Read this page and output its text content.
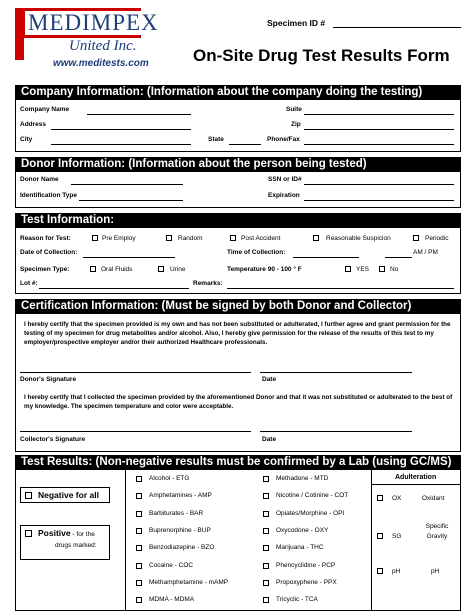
MEDIMPEX
United Inc.
www.meditests.com
Specimen ID #
On-Site Drug Test Results Form
Company Information: (Information about the company doing the testing)
Company Name	Suite
Address	Zip
City	State	Phone/Fax
Donor Information: (Information about the person being tested)
Donor Name	SSN or ID#
Identification Type	Expiration
Test Information:
Reason for Test:	Pre Employ	Random	Post Accident	Reasonable Suspicion	Periodic
Date of Collection:	Time of Collection:	AM / PM
Specimen Type:	Oral Fluids	Urine	Temperature 90 - 100 ° F	YES	No
Lot #:	Remarks:
Certification Information: (Must be signed by both Donor and Collector)
I hereby certify that the specimen provided is my own and has not been substituted or adulterated, I further agree and grant permission for the testing of my specimen for drug metabolites and/or alcohol. Also, I hereby give permission for the release of the results of this test to my employer/prospective employer and/or their authorized Healthcare professionals.
Donor's Signature	Date
I hereby certify that I collected the specimen provided by the aforementioned Donor and that it was not substituted or adulterated to the best of my knowledge. The specimen temperature and color were acceptable.
Collector's Signature	Date
Test Results: (Non-negative results must be confirmed by a Lab (using GC/MS)
Negative for all
Positive - for the
drugs marked:
Alcohol - ETG
Amphetamines - AMP
Barbiturates - BAR
Buprenorphine - BUP
Benzodiazepine - BZO
Cocaine - COC
Methamphetamine - mAMP
MDMA - MDMA
Methadone - MTD
Nicotine / Cotinine - COT
Opiates/Morphine - OPI
Oxycodone - OXY
Marijuana - THC
Phencyclidine - PCP
Propoxyphene - PPX
Tricyclic - TCA
Adulteration
OX	Oxidant
SG
Specific Gravity
pH	pH
